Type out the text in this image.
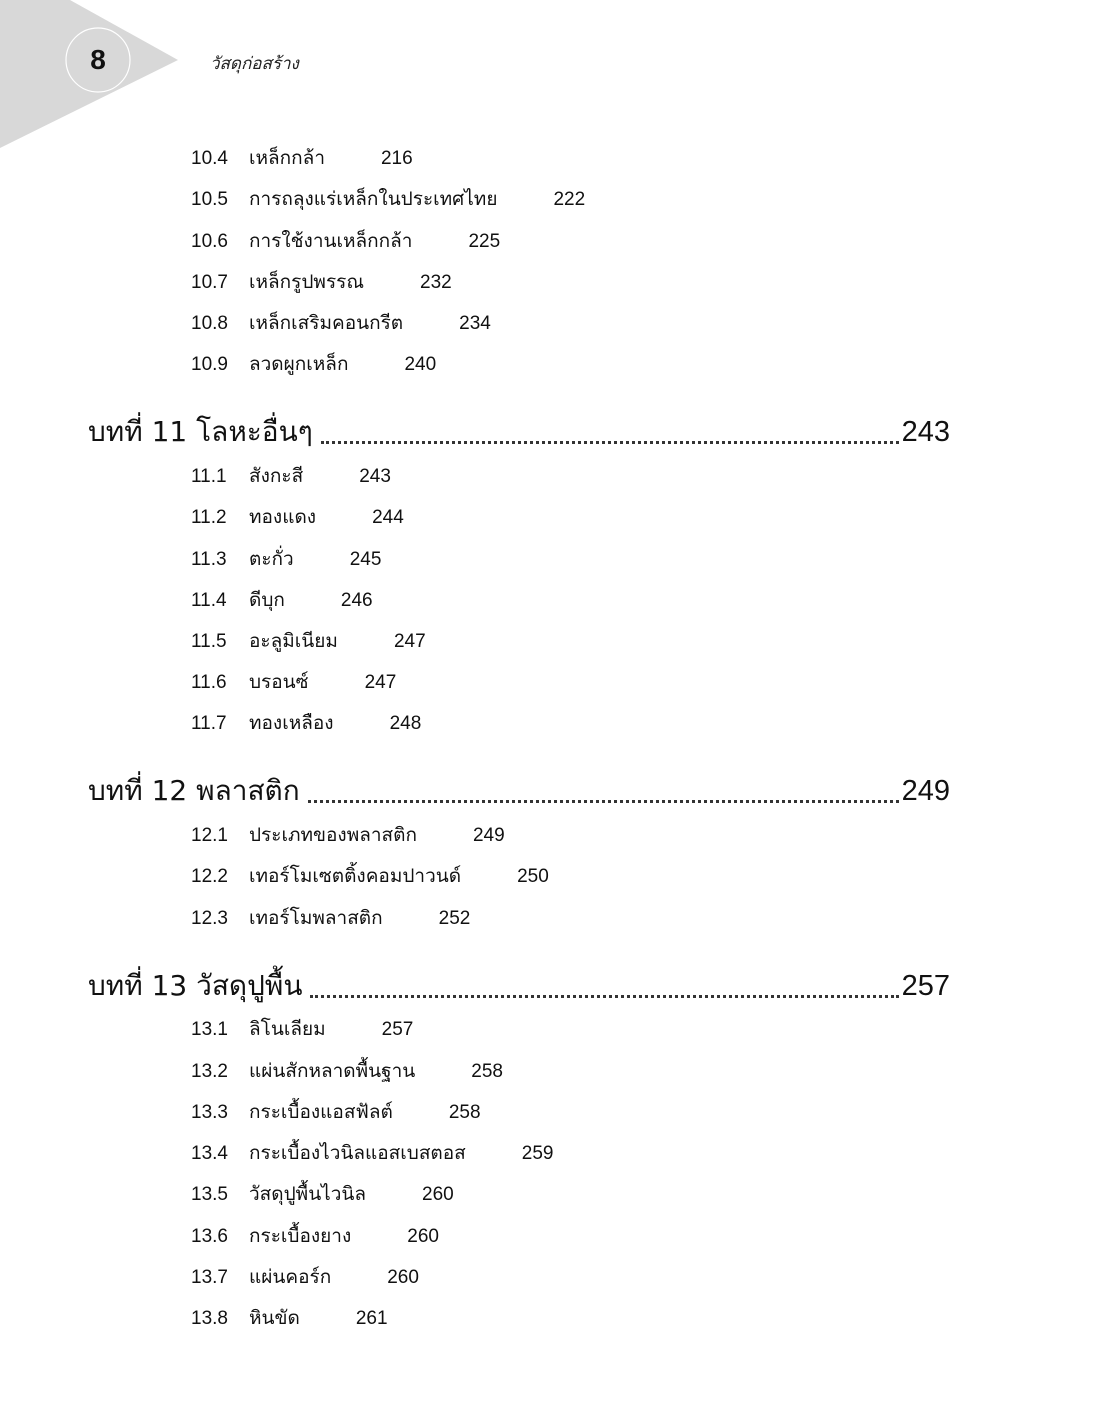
8	วัสดุก่อสร้าง
10.4 เหล็กกล้า	216
10.5 การถลุงแร่เหล็กในประเทศไทย	222
10.6 การใช้งานเหล็กกล้า	225
10.7 เหล็กรูปพรรณ	232
10.8 เหล็กเสริมคอนกรีต	234
10.9 ลวดผูกเหล็ก	240
บทที่ 11 โลหะอื่นๆ	243
11.1 สังกะสี	243
11.2 ทองแดง	244
11.3 ตะกั่ว	245
11.4 ดีบุก	246
11.5 อะลูมิเนียม	247
11.6 บรอนซ์	247
11.7 ทองเหลือง	248
บทที่ 12 พลาสติก	249
12.1 ประเภทของพลาสติก	249
12.2 เทอร์โมเซตติ้งคอมปาวนด์	250
12.3 เทอร์โมพลาสติก	252
บทที่ 13 วัสดุปูพื้น	257
13.1 ลิโนเลียม	257
13.2 แผ่นสักหลาดพื้นฐาน	258
13.3 กระเบื้องแอสฟัลต์	258
13.4 กระเบื้องไวนิลแอสเบสตอส	259
13.5 วัสดุปูพื้นไวนิล	260
13.6 กระเบื้องยาง	260
13.7 แผ่นคอร์ก	260
13.8 หินขัด	261
